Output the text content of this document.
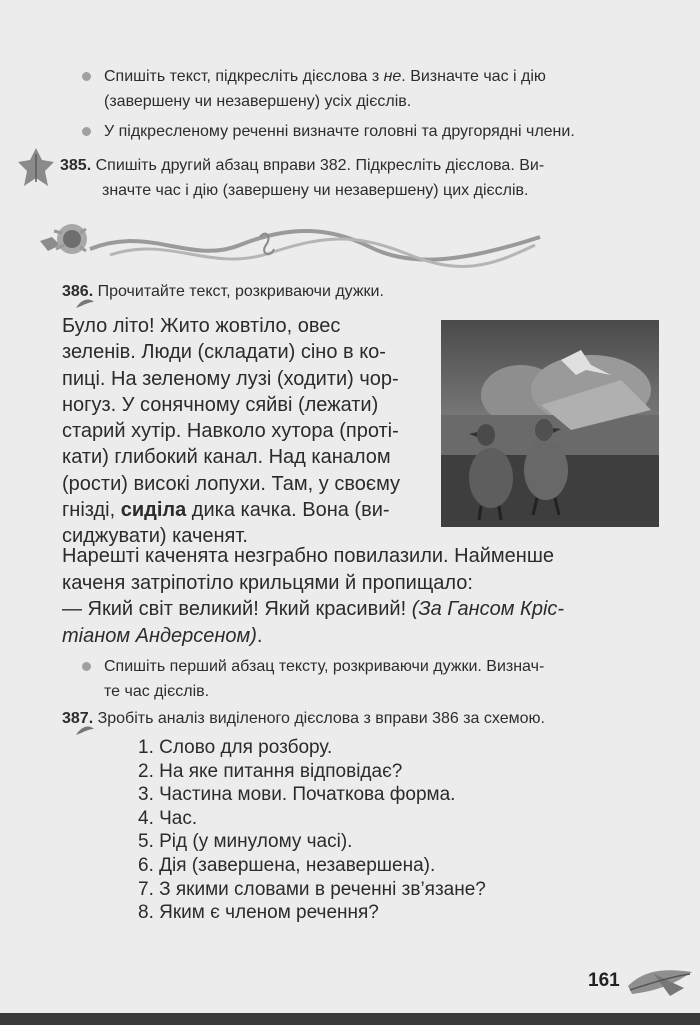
Спишіть текст, підкресліть дієслова з не. Визначте час і дію
(завершену чи незавершену) усіх дієслів.
У підкресленому реченні визначте головні та другорядні члени.
385. Спишіть другий абзац вправи 382. Підкресліть дієслова. Ви-
значте час і дію (завершену чи незавершену) цих дієслів.
386. Прочитайте текст, розкриваючи дужки.

Було літо! Жито жовтіло, овес

зеленів. Люди (складати) сіно в ко-

пиці. На зеленому лузі (ходити) чор-

ногуз. У сонячному сяйві (лежати)

старий хутір. Навколо хутора (проті-

кати) глибокий канал. Над каналом

(рости) високі лопухи. Там, у своєму

гнізді, сиділа дика качка. Вона (ви-

сиджувати) каченят.

Нарешті каченята незграбно повилазили. Найменше

каченя затріпотіло крильцями й пропищало:

— Який світ великий! Який красивий! (За Гансом Кріс-

тіаном Андерсеном).

Спишіть перший абзац тексту, розкриваючи дужки. Визнач-
те час дієслів.
387. Зробіть аналіз виділеного дієслова з вправи 386 за схемою.
1. Слово для розбору.
2. На яке питання відповідає?
3. Частина мови. Початкова форма.
4. Час.
5. Рід (у минулому часі).
6. Дія (завершена, незавершена).
7. З якими словами в реченні зв’язане?
8. Яким є членом речення?
161
